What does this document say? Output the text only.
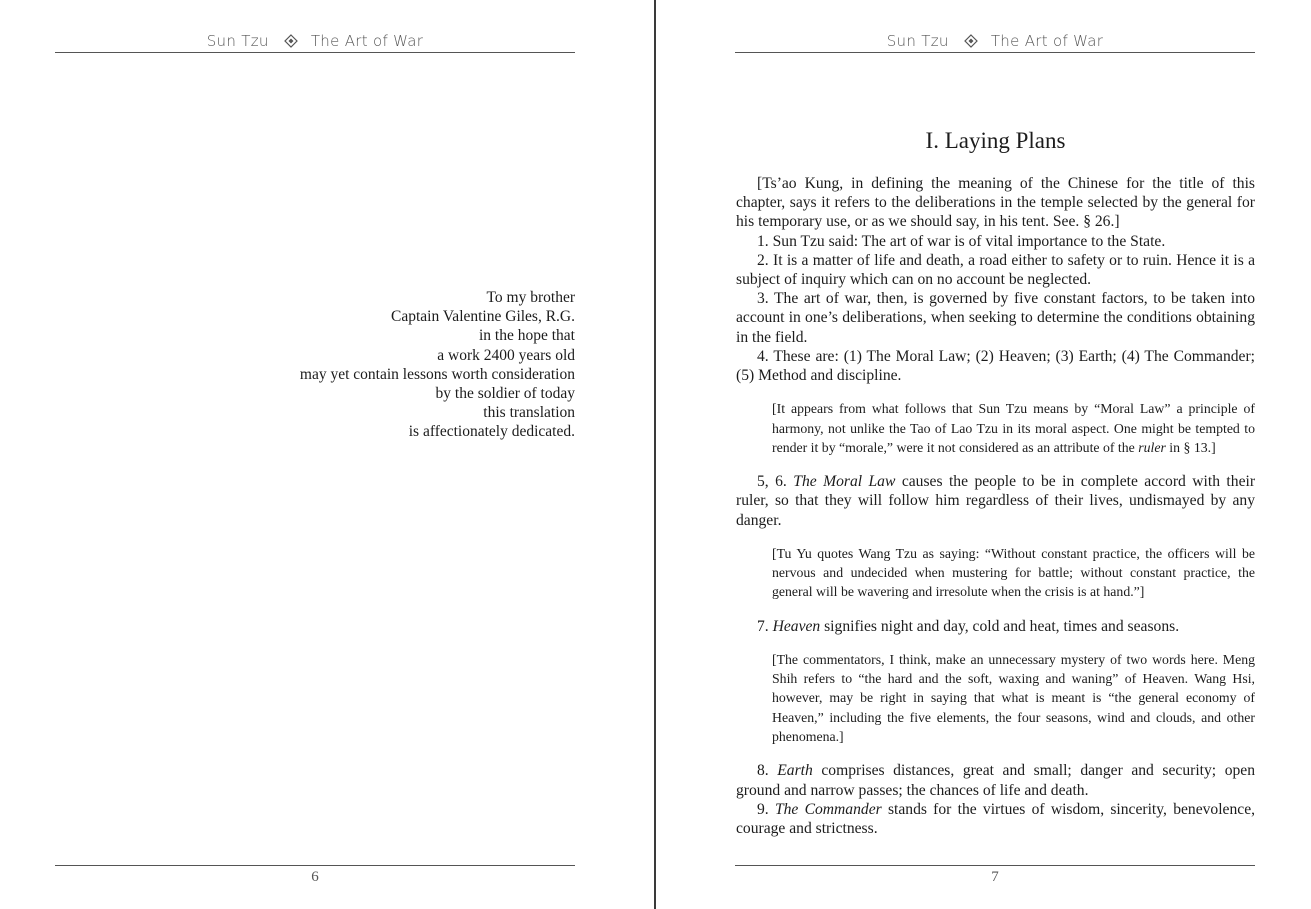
Sun Tzu	The Art of War
To my brother
Captain Valentine Giles, R.G.
in the hope that
a work 2400 years old
may yet contain lessons worth consideration
by the soldier of today
this translation
is affectionately dedicated.
6
Sun Tzu	The Art of War
I. Laying Plans

[Ts’ao Kung, in defining the meaning of the Chinese for the title of this chapter, says it refers to the deliberations in the temple selected by the general for his temporary use, or as we should say, in his tent. See. § 26.]

1. Sun Tzu said: The art of war is of vital importance to the State.

2. It is a matter of life and death, a road either to safety or to ruin. Hence it is a subject of inquiry which can on no account be neglected.

3. The art of war, then, is governed by five constant factors, to be taken into account in one’s deliberations, when seeking to determine the conditions obtaining in the field.

4. These are: (1) The Moral Law; (2) Heaven; (3) Earth; (4) The Commander; (5) Method and discipline.

[It appears from what follows that Sun Tzu means by “Moral Law” a principle of harmony, not unlike the Tao of Lao Tzu in its moral aspect. One might be tempted to render it by “morale,” were it not considered as an attribute of the ruler in § 13.]

5, 6. The Moral Law causes the people to be in complete accord with their ruler, so that they will follow him regardless of their lives, undismayed by any danger.

[Tu Yu quotes Wang Tzu as saying: “Without constant practice, the officers will be nervous and undecided when mustering for battle; without constant practice, the general will be wavering and irresolute when the crisis is at hand.”]

7. Heaven signifies night and day, cold and heat, times and seasons.

[The commentators, I think, make an unnecessary mystery of two words here. Meng Shih refers to “the hard and the soft, waxing and waning” of Heaven. Wang Hsi, however, may be right in saying that what is meant is “the general economy of Heaven,” including the five elements, the four seasons, wind and clouds, and other phenomena.]

8. Earth comprises distances, great and small; danger and security; open ground and narrow passes; the chances of life and death.

9. The Commander stands for the virtues of wisdom, sincerity, benevolence, courage and strictness.

7
